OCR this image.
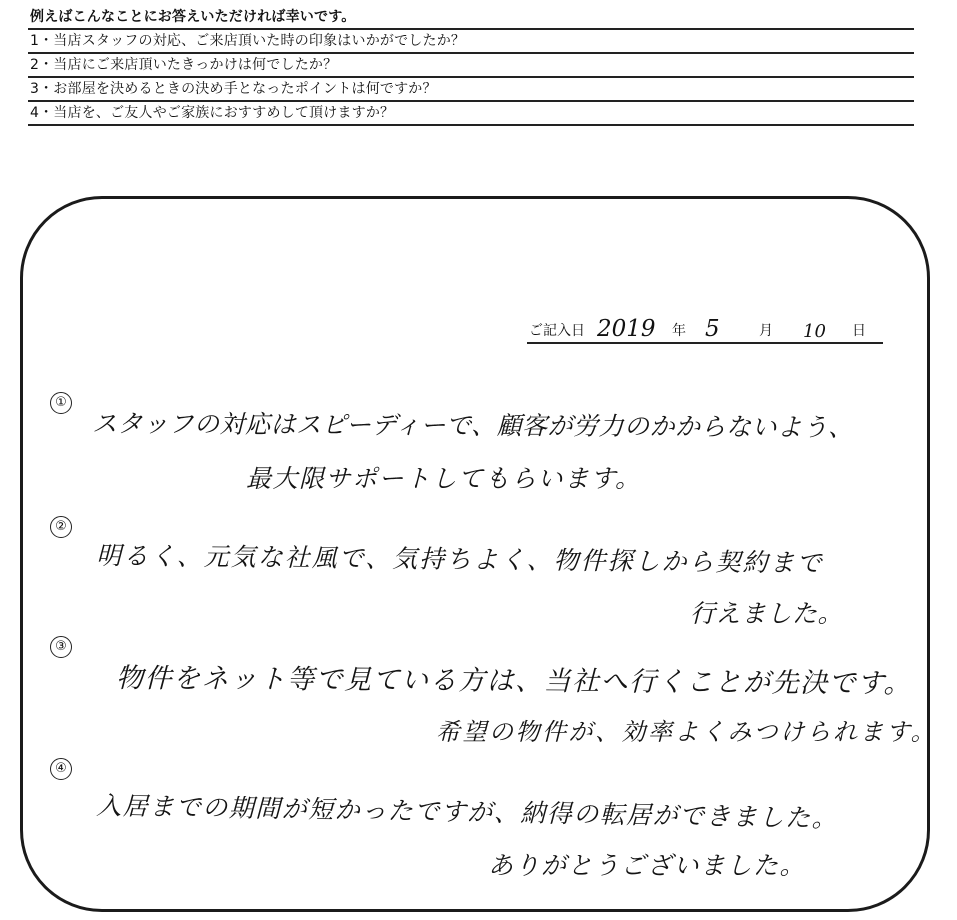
例えばこんなことにお答えいただければ幸いです。
1・当店スタッフの対応、ご来店頂いた時の印象はいかがでしたか？
2・当店にご来店頂いたきっかけは何でしたか？
3・お部屋を決めるときの決め手となったポイントは何ですか？
4・当店を、ご友人やご家族におすすめして頂けますか？
ご記入日 2019 年 5	月 10 日
①
スタッフの対応はスピーディーで、顧客が労力のかからないよう、
最大限サポートしてもらいます。
②
明るく、元気な社風で、気持ちよく、物件探しから契約まで
行えました。
③
物件をネット等で見ている方は、当社へ行くことが先決です。
希望の物件が、効率よくみつけられます。
④
入居までの期間が短かったですが、納得の転居ができました。
ありがとうございました。
